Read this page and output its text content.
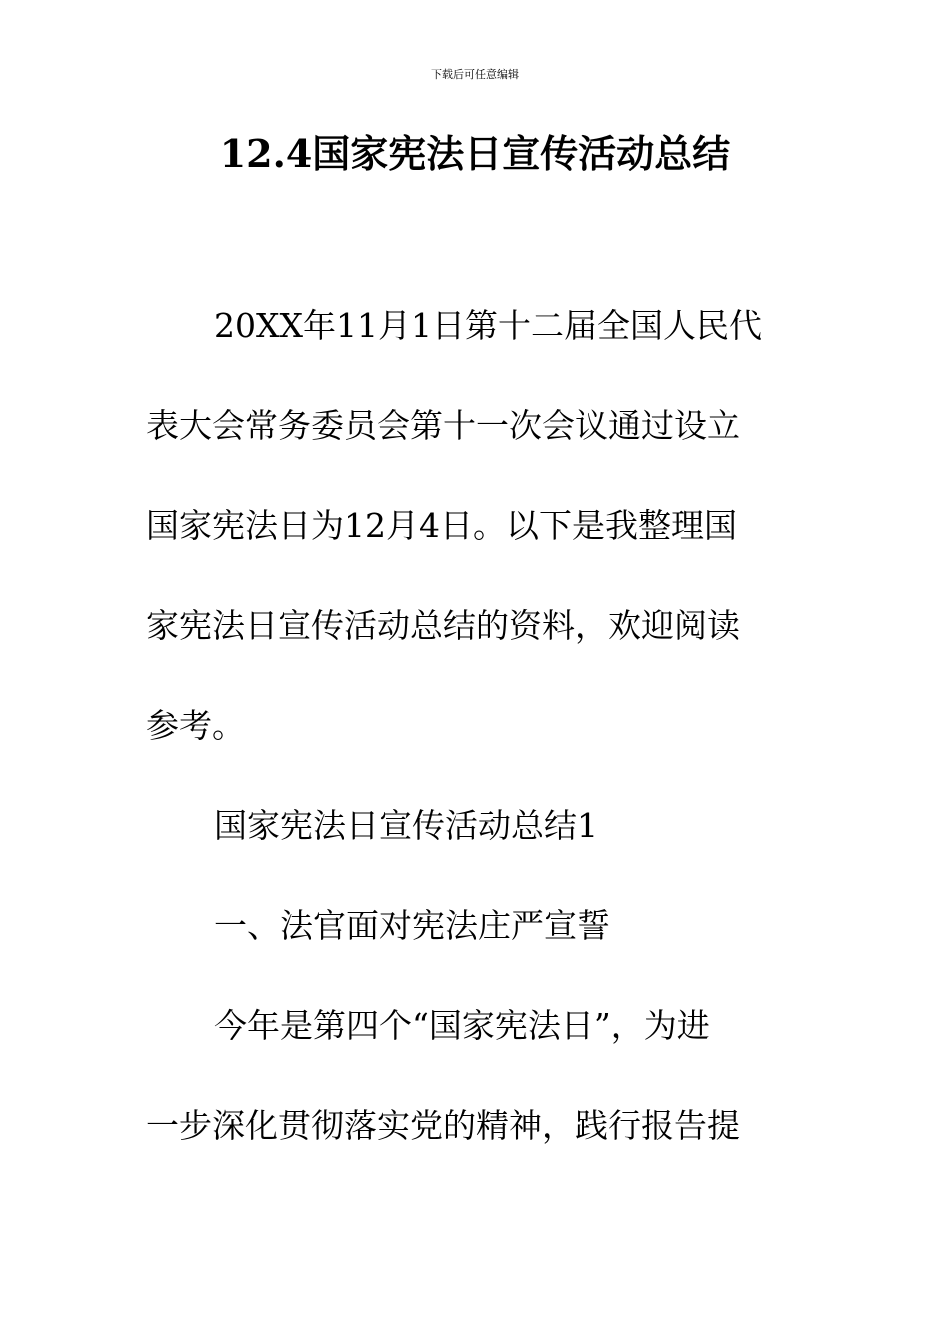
下载后可任意编辑
12.4国家宪法日宣传活动总结
20XX年11月1日第十二届全国人民代
表大会常务委员会第十一次会议通过设立
国家宪法日为12月4日。以下是我整理国
家宪法日宣传活动总结的资料，欢迎阅读
参考。
国家宪法日宣传活动总结1
一、法官面对宪法庄严宣誓
今年是第四个“国家宪法日”，为进
一步深化贯彻落实党的精神，践行报告提
